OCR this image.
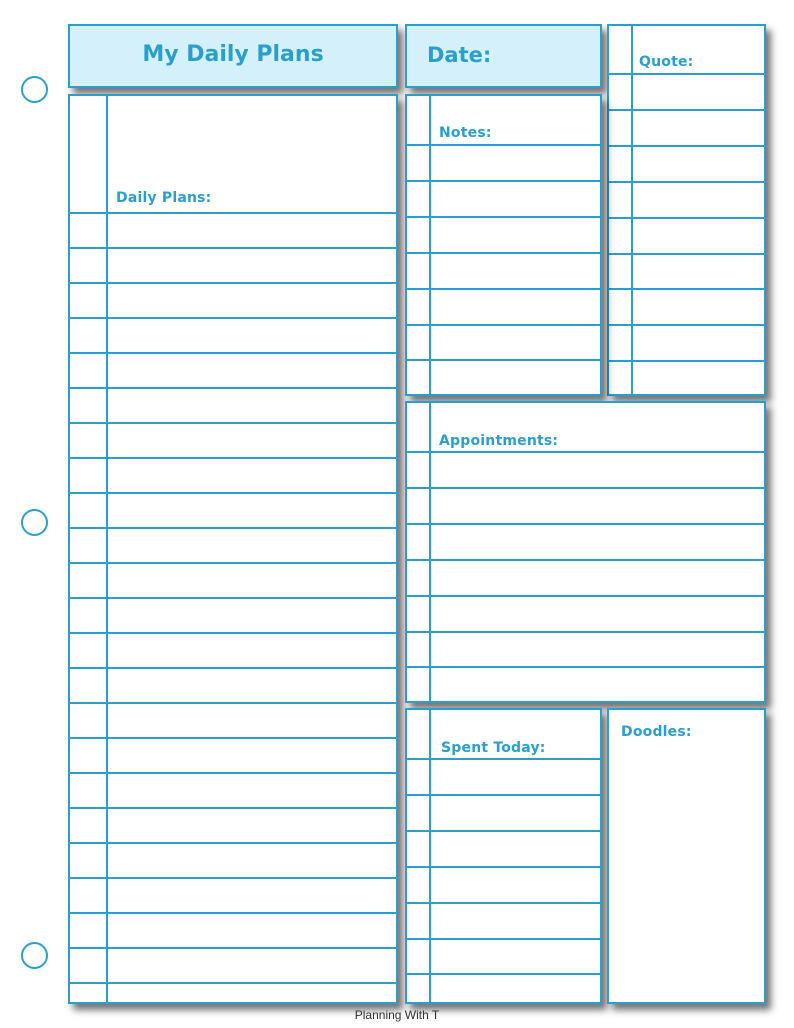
My Daily Plans	Date:	Quote:
Daily Plans:
Notes:
Appointments:
Spent Today:
Doodles:
Planning With T
